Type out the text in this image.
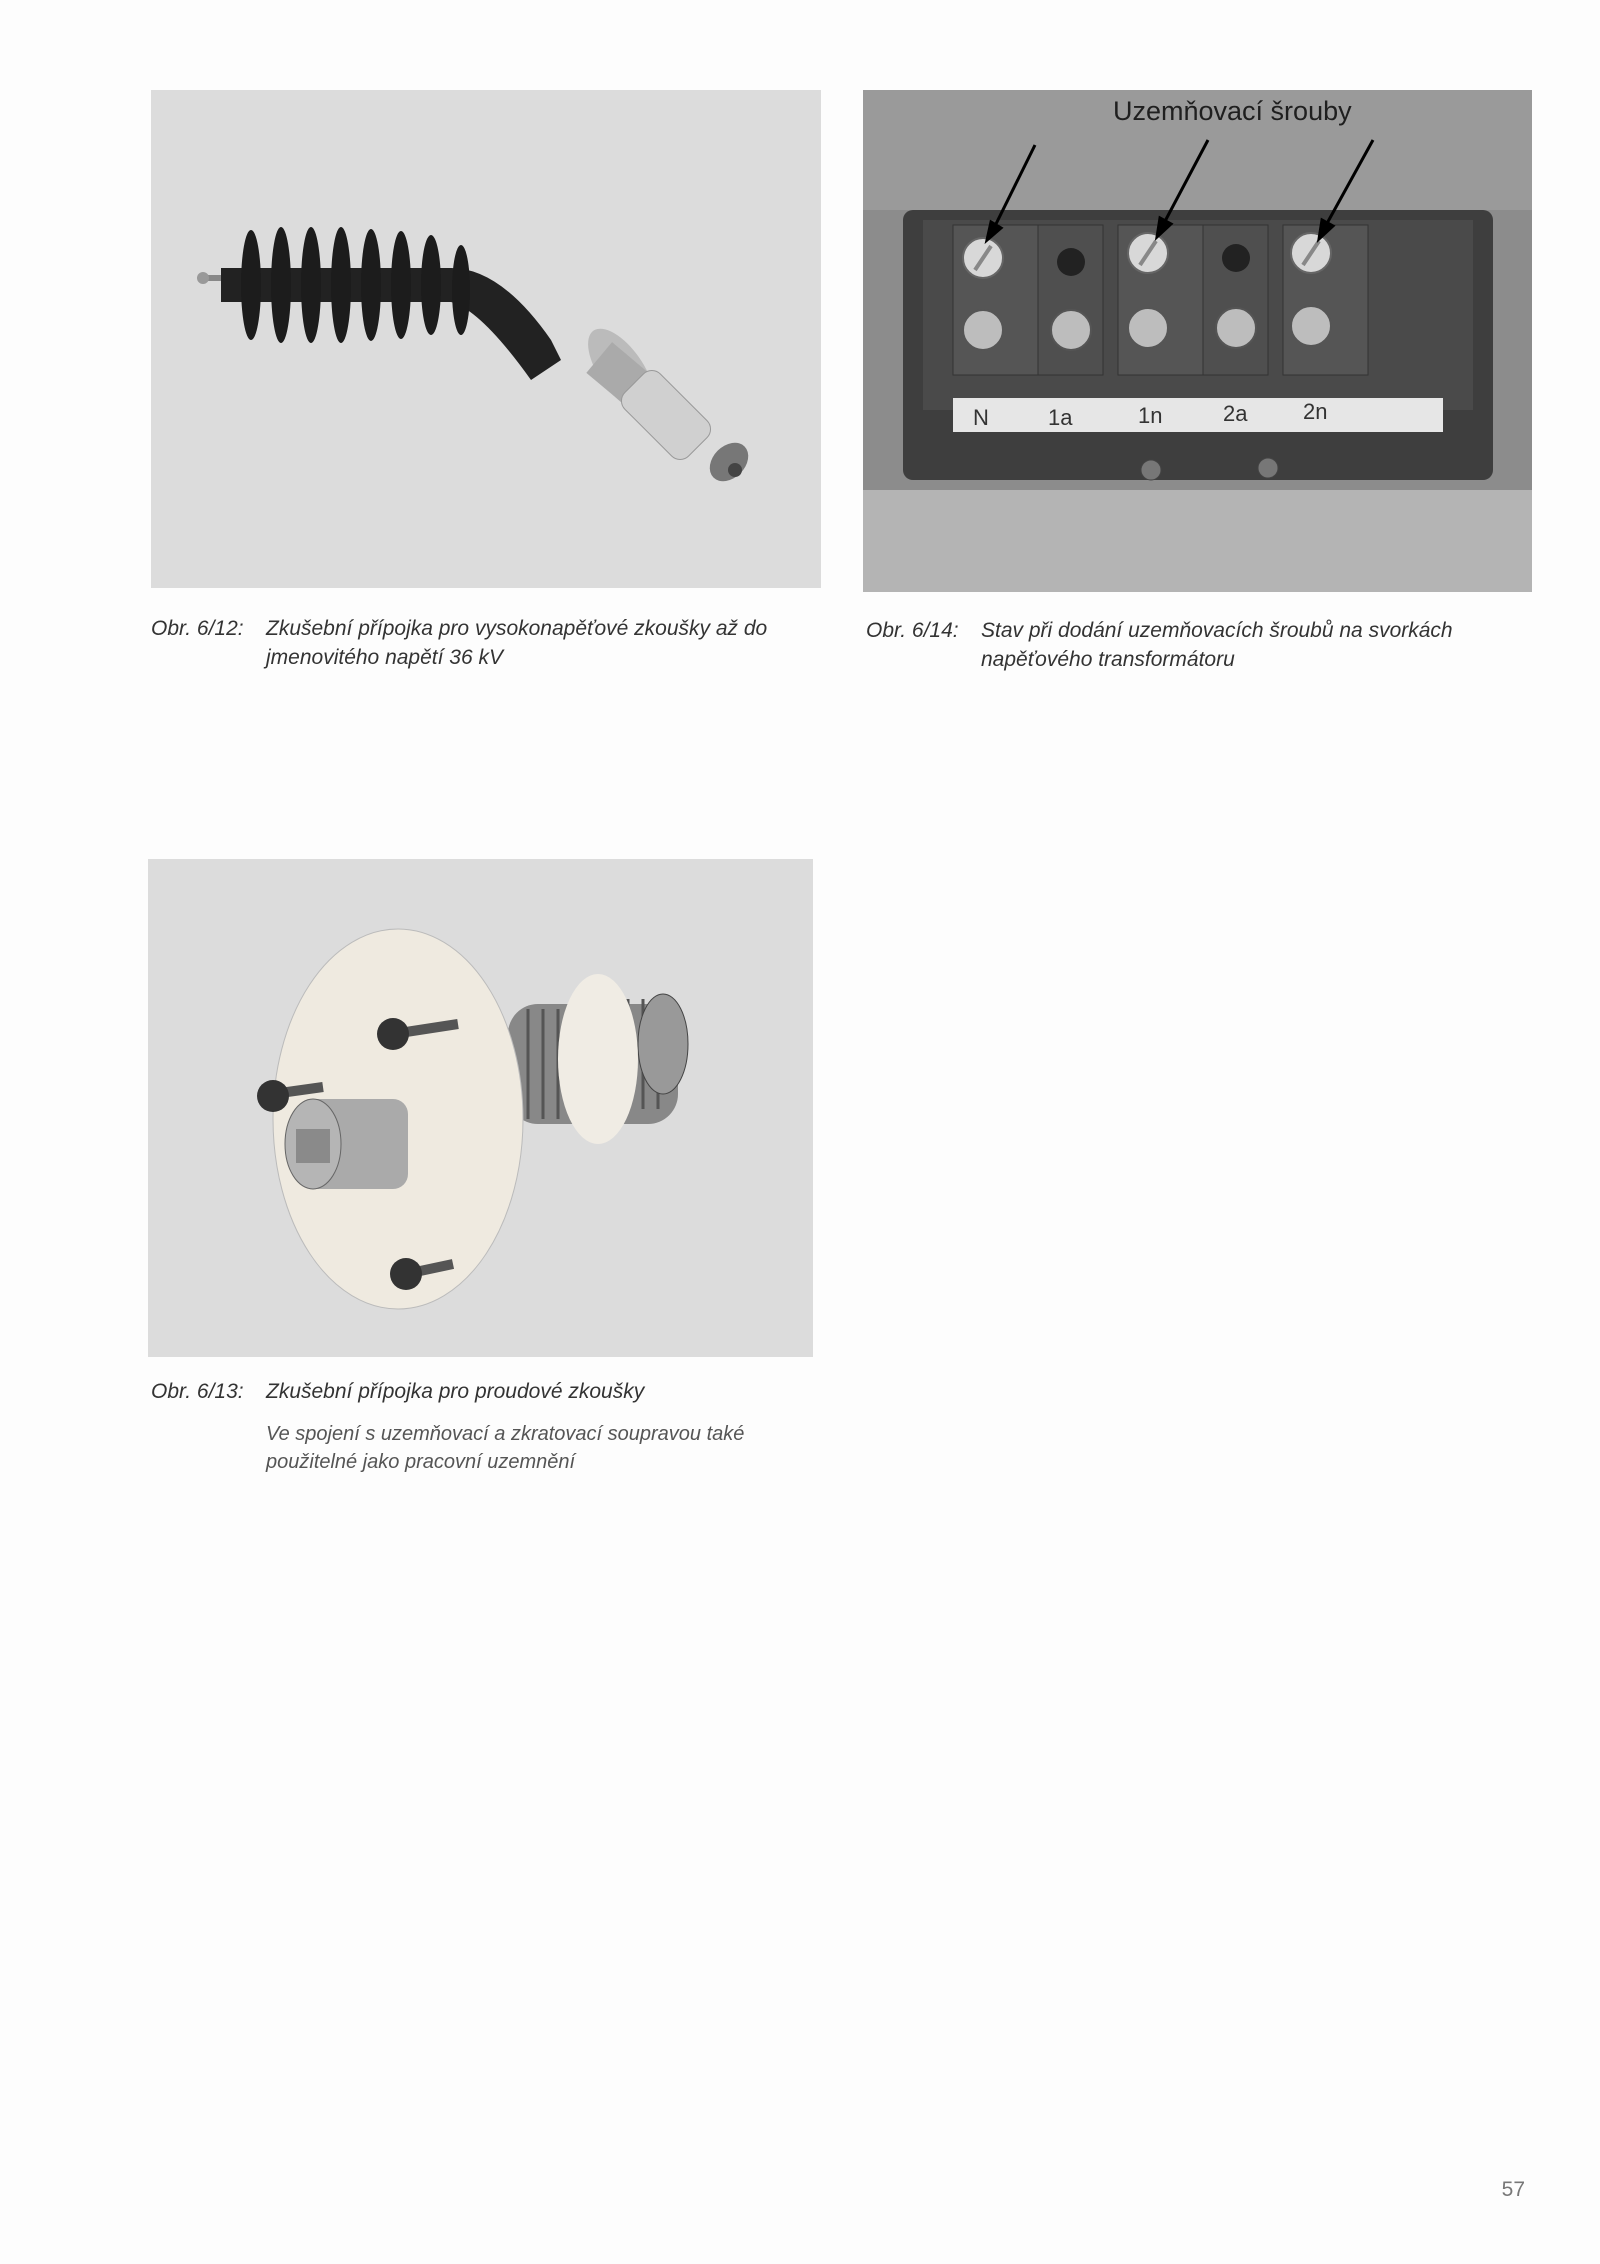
N	1a	1n	2a	2n
Uzemňovací šrouby
Obr. 6/12:	Zkušební přípojka pro vysokonapěťové zkoušky až do jmenovitého napětí 36 kV
Obr. 6/14:	Stav při dodání uzemňovacích šroubů na svorkách napěťového transformátoru
Obr. 6/13:	Zkušební přípojka pro proudové zkoušky
Ve spojení s uzemňovací a zkratovací soupravou také použitelné jako pracovní uzemnění
57
